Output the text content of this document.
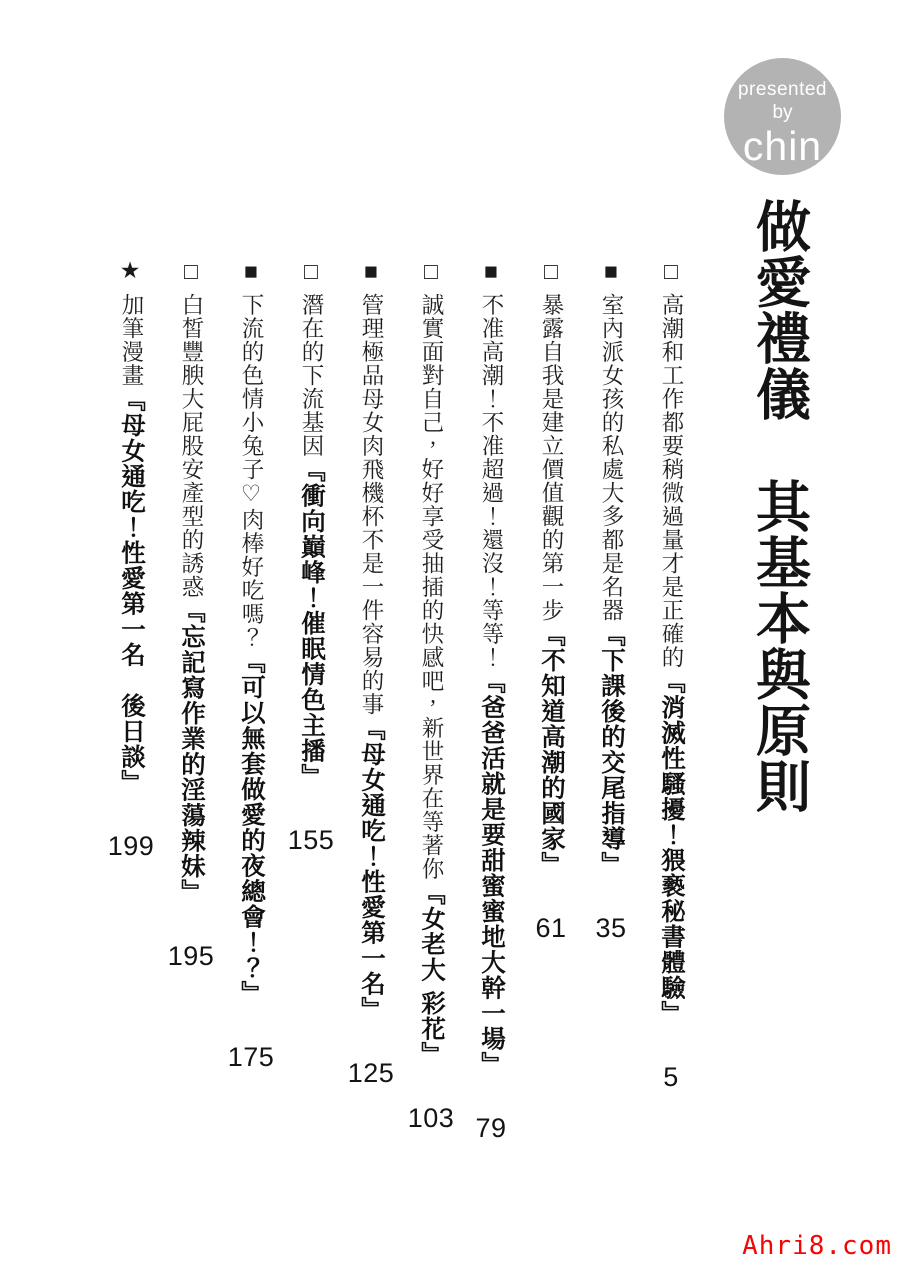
presented
by
chin
做愛禮儀　其基本與原則
□高潮和工作都要稍微過量才是正確的『消滅性騷擾！猥褻秘書體驗』5
■室內派女孩的私處大多都是名器『下課後的交尾指導』35
□暴露自我是建立價值觀的第一步『不知道高潮的國家』61
■不准高潮！不准超過！還沒！等等！『爸爸活就是要甜蜜蜜地大幹一場』79
□誠實面對自己，好好享受抽插的快感吧，新世界在等著你『女老大 彩花』103
■管理極品母女肉飛機杯不是一件容易的事『母女通吃！性愛第一名』125
□潛在的下流基因『衝向巔峰！催眠情色主播』155
■下流的色情小兔子♡肉棒好吃嗎？『可以無套做愛的夜總會！？』175
□白皙豐腴大屁股安產型的誘惑『忘記寫作業的淫蕩辣妹』195
★加筆漫畫『母女通吃！性愛第一名　後日談』199
Ahri8.com
